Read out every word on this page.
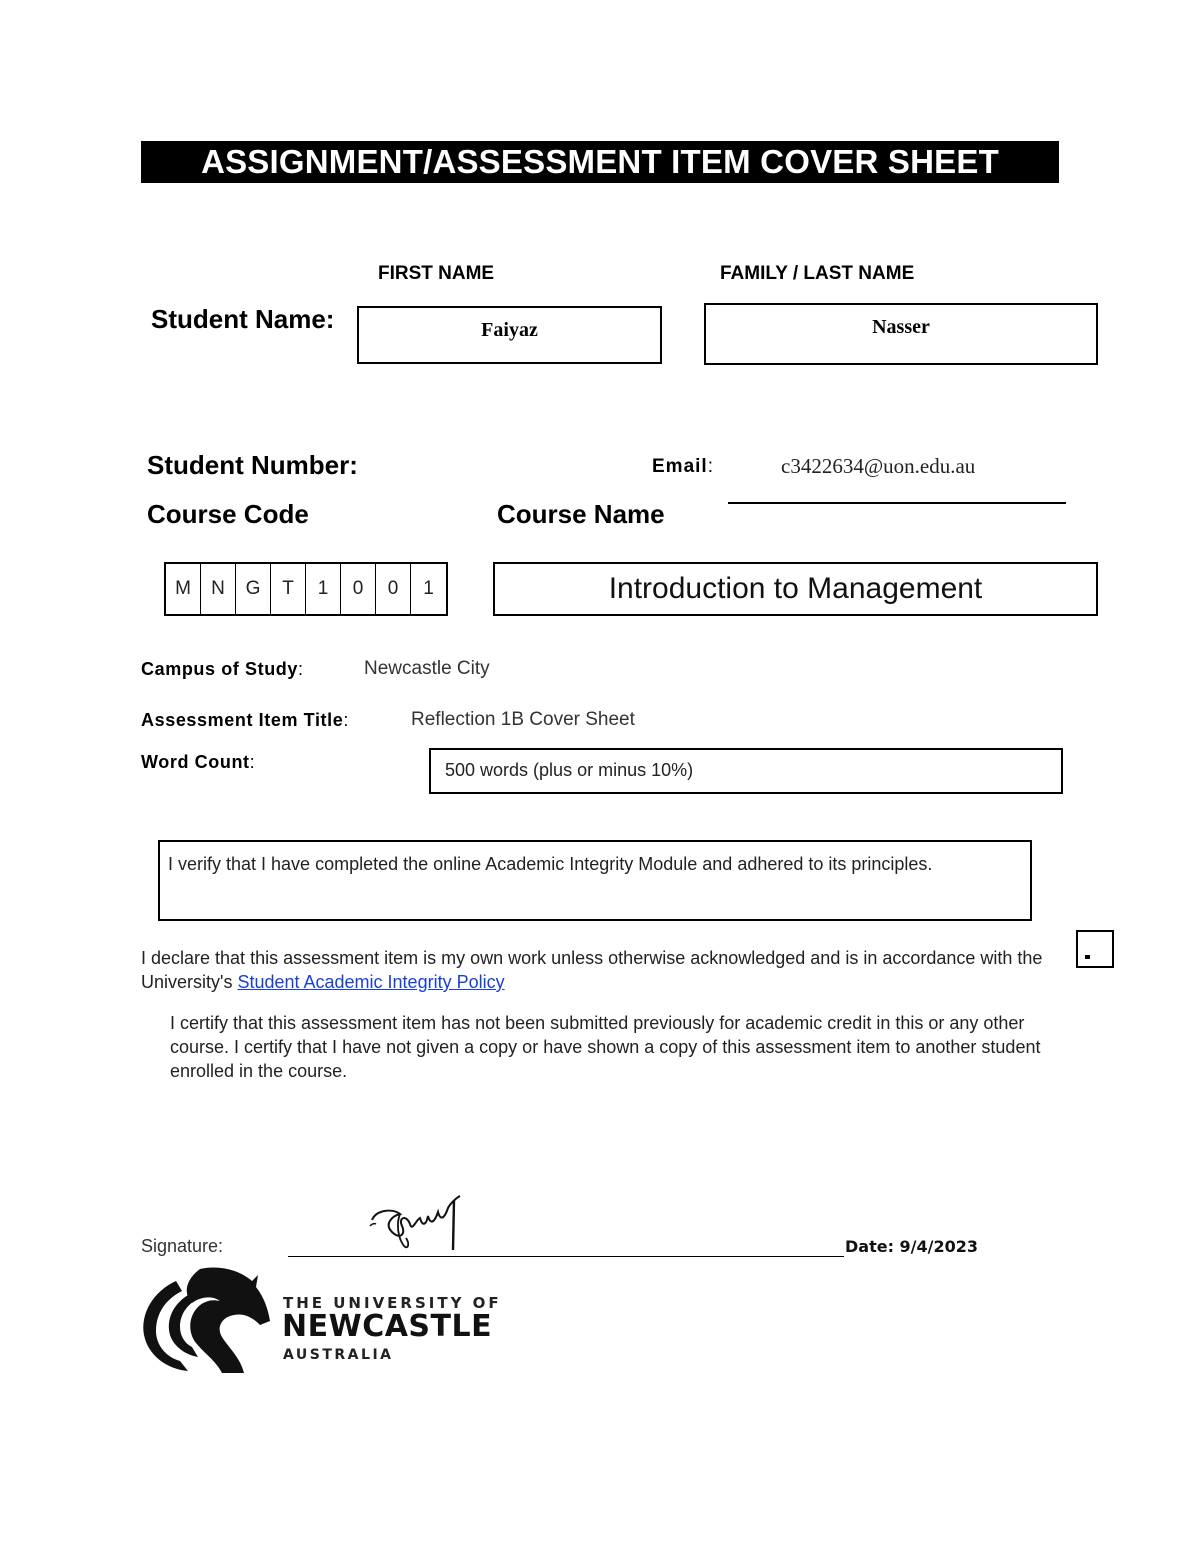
ASSIGNMENT/ASSESSMENT ITEM COVER SHEET
FIRST NAME	FAMILY / LAST NAME
Student Name:	Faiyaz	Nasser
Student Number:	Email:	c3422634@uon.edu.au
Course Code	Course Name
M	N	G	T	1	0	0	1	Introduction to Management
Campus of Study:	Newcastle City
Assessment Item Title:	Reflection 1B Cover Sheet
Word Count:	500 words (plus or minus 10%)
I verify that I have completed the online Academic Integrity Module and adhered to its principles.
I declare that this assessment item is my own work unless otherwise acknowledged and is in accordance with the University's Student Academic Integrity Policy
I certify that this assessment item has not been submitted previously for academic credit in this or any other course. I certify that I have not given a copy or have shown a copy of this assessment item to another student enrolled in the course.
Signature:	Date: 9/4/2023
THE UNIVERSITY OF
NEWCASTLE
AUSTRALIA
